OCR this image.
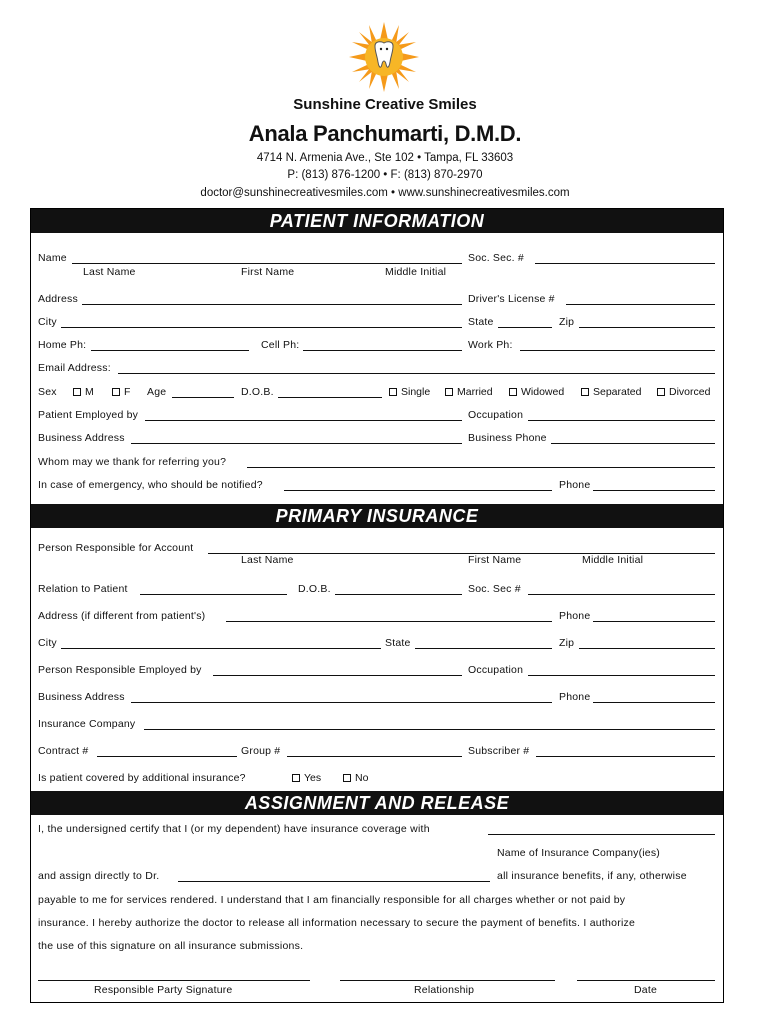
Sunshine Creative Smiles
Anala Panchumarti, D.M.D.
4714 N. Armenia Ave., Ste 102 • Tampa, FL 33603
P: (813) 876-1200 • F: (813) 870-2970
doctor@sunshinecreativesmiles.com • www.sunshinecreativesmiles.com
PATIENT INFORMATION
Name	Soc. Sec. #
Last Name	First Name	Middle Initial
Address	Driver's License #
City	State	Zip
Home Ph:	Cell Ph:	Work Ph:
Email Address:
Sex	M	F Age	D.O.B.	Single	Married	Widowed	Separated	Divorced
Patient Employed by	Occupation
Business Address	Business Phone
Whom may we thank for referring you?
In case of emergency, who should be notified?	Phone
PRIMARY INSURANCE
Person Responsible for Account
Last Name	First Name	Middle Initial
Relation to Patient	D.O.B.	Soc. Sec #
Address (if different from patient's)	Phone
City	State	Zip
Person Responsible Employed by	Occupation
Business Address	Phone
Insurance Company
Contract #	Group #	Subscriber #
Is patient covered by additional insurance?	Yes	No
ASSIGNMENT AND RELEASE
I, the undersigned certify that I (or my dependent) have insurance coverage with
Name of Insurance Company(ies)
and assign directly to Dr.	all insurance benefits, if any, otherwise
payable to me for services rendered. I understand that I am financially responsible for all charges whether or not paid by
insurance. I hereby authorize the doctor to release all information necessary to secure the payment of benefits. I authorize
the use of this signature on all insurance submissions.
Responsible Party Signature	Relationship	Date
